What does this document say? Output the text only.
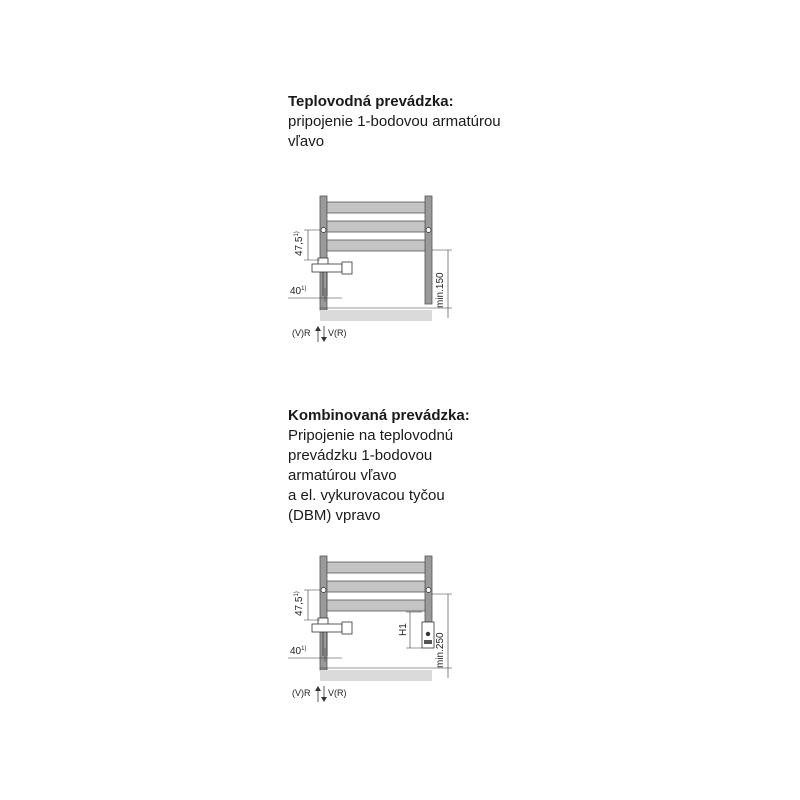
Teplovodná prevádzka:
pripojenie 1-bodovou armatúrou
vľavo
47,5$^{1)}$
40$^{1)}$	min.150
(V)R V(R)
Kombinovaná prevádzka:
Pripojenie na teplovodnú
prevádzku 1-bodovou
armatúrou vľavo
a el. vykurovacou tyčou
(DBM) vpravo
H1
47,5$^{1)}$
40$^{1)}$	min.250
(V)R V(R)
